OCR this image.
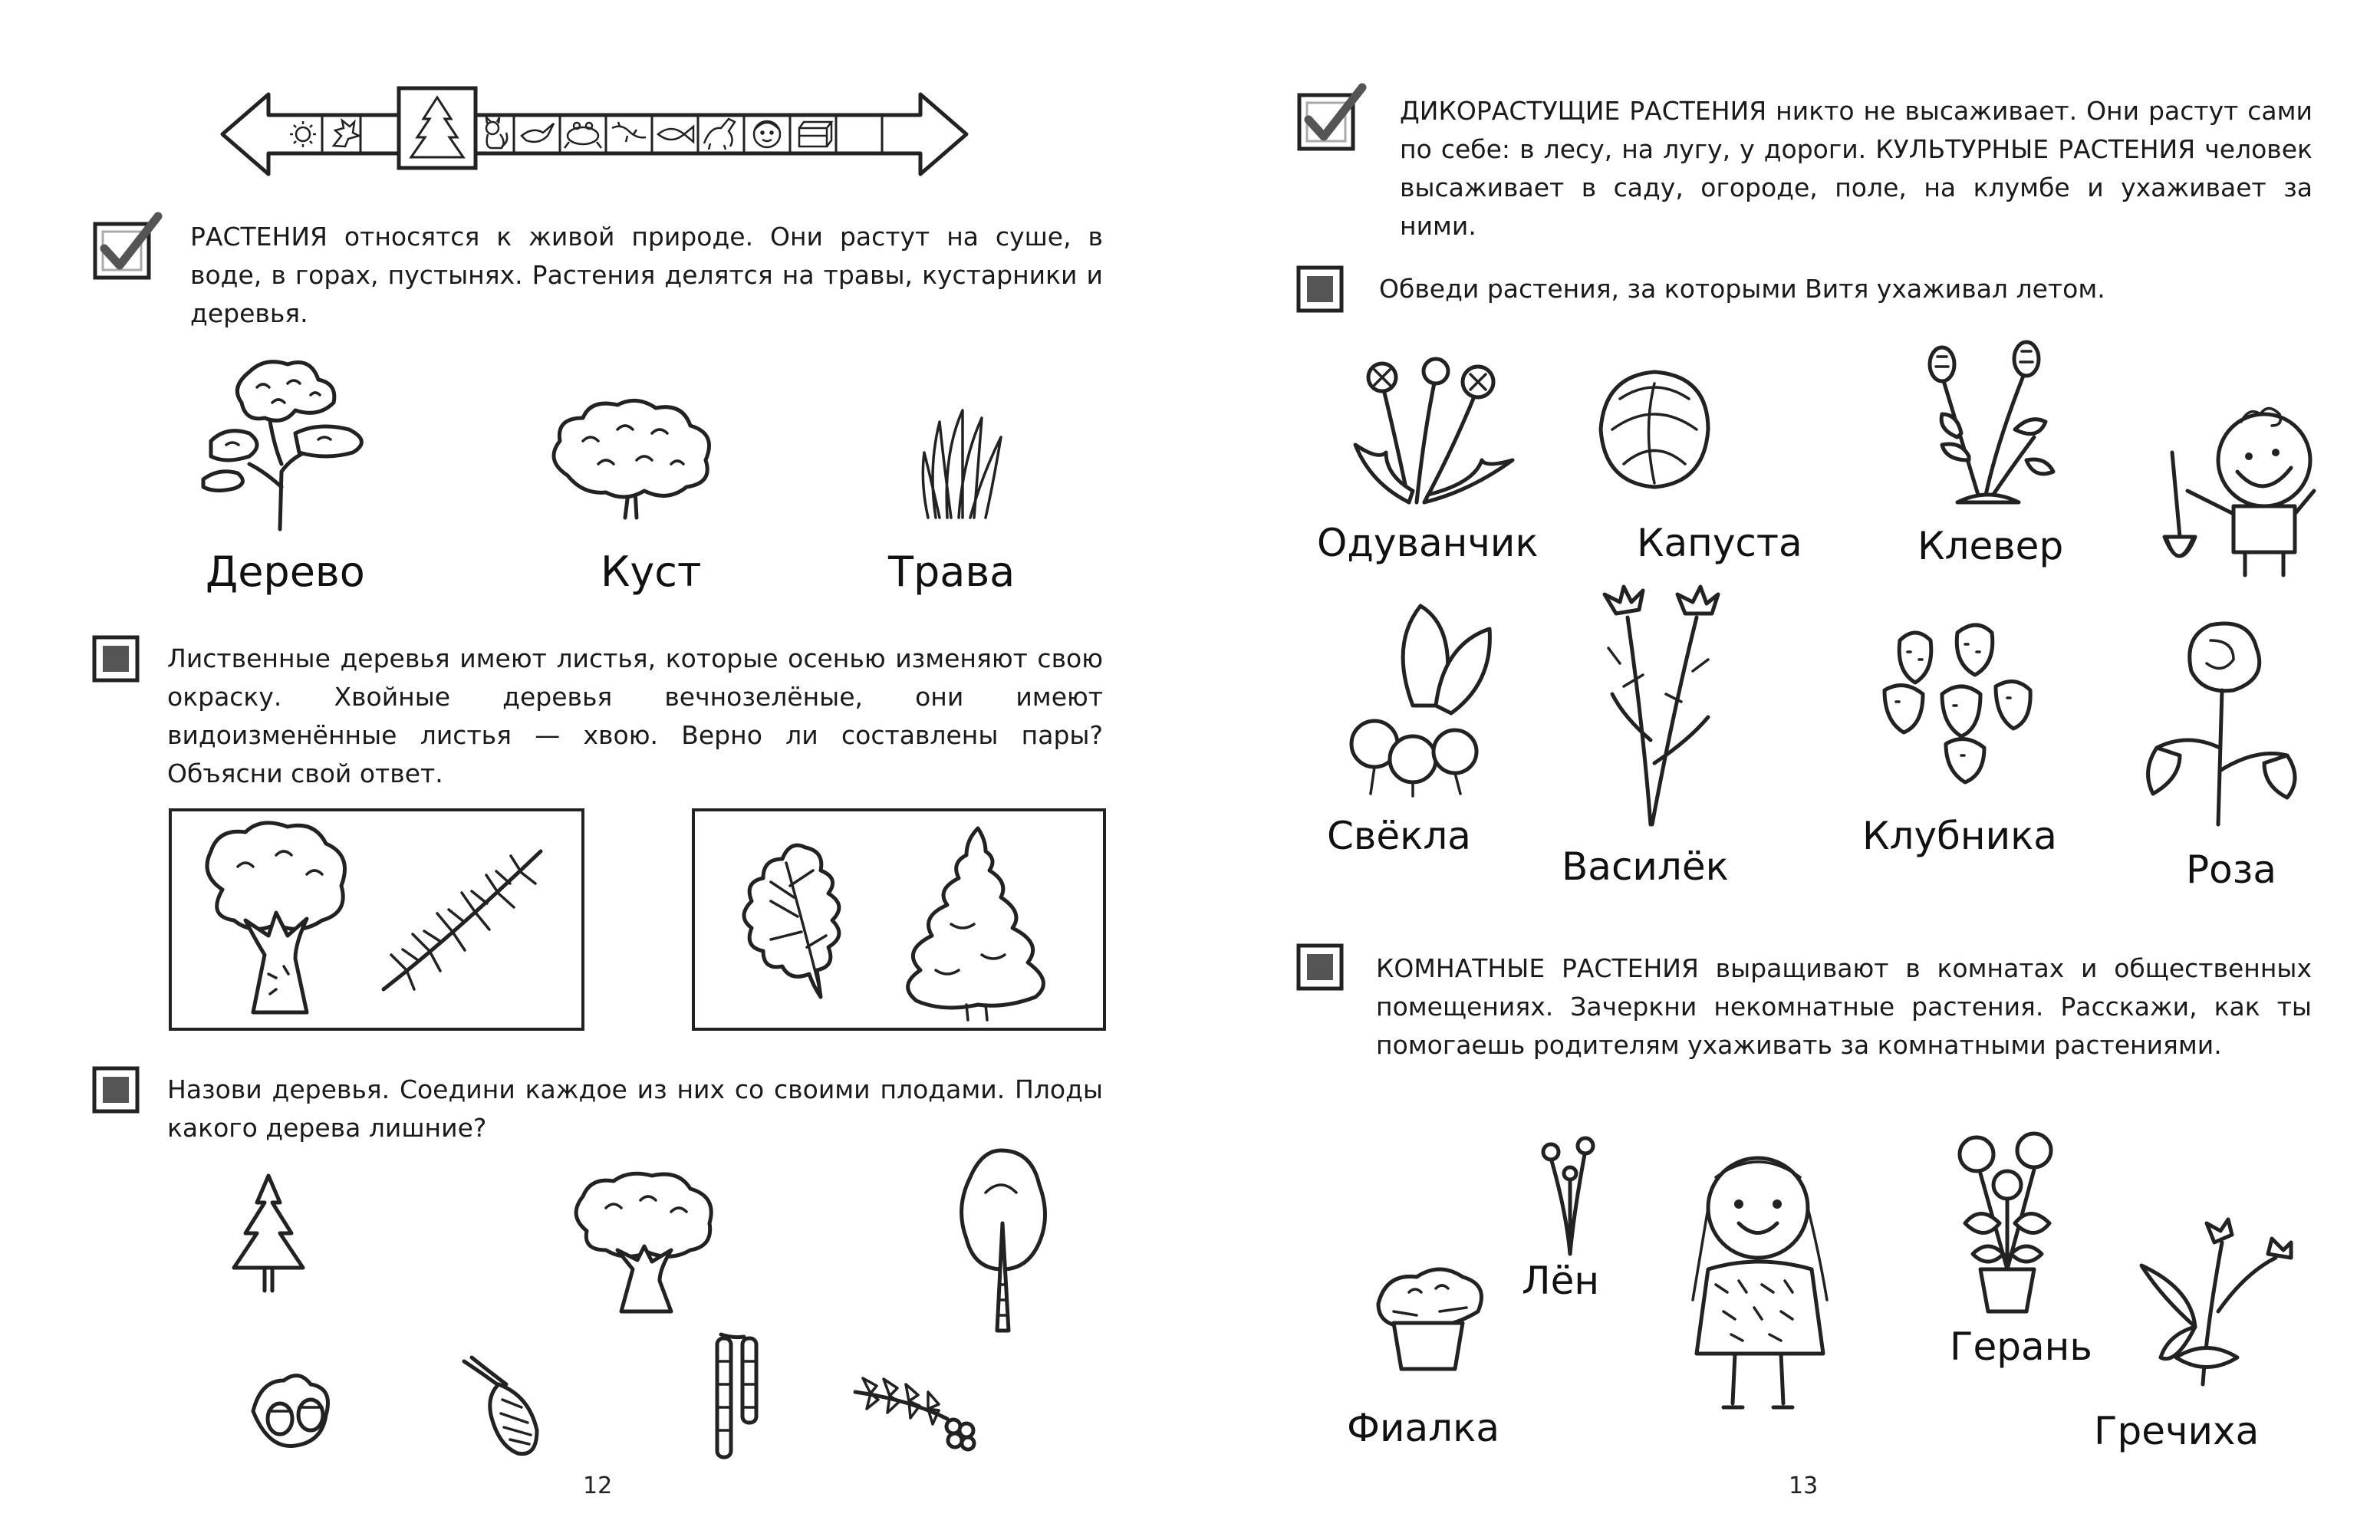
РАСТЕНИЯ относятся к живой природе. Они растут на суше, в воде, в горах, пустынях. Растения делятся на травы, кустарники и деревья.
Дерево	Куст	Трава
Лиственные деревья имеют листья, которые осенью изменяют свою окраску. Хвойные деревья вечнозелёные, они имеют видоизменённые листья — хвою. Верно ли составлены пары? Объясни свой ответ.
Назови деревья. Соедини каждое из них со своими плодами. Плоды какого дерева лишние?
12
ДИКОРАСТУЩИЕ РАСТЕНИЯ никто не высаживает. Они растут сами по себе: в лесу, на лугу, у дороги. КУЛЬТУРНЫЕ РАСТЕНИЯ человек высаживает в саду, огороде, поле, на клумбе и ухаживает за ними.
Обведи растения, за которыми Витя ухаживал летом.
Одуванчик	Капуста	Клевер
Свёкла
Василёк
Клубника
Роза
КОМНАТНЫЕ РАСТЕНИЯ выращивают в комнатах и общественных помещениях. Зачеркни некомнатные растения. Расскажи, как ты помогаешь родителям ухаживать за комнатными растениями.
Лён
Фиалка
Герань
Гречиха
13
